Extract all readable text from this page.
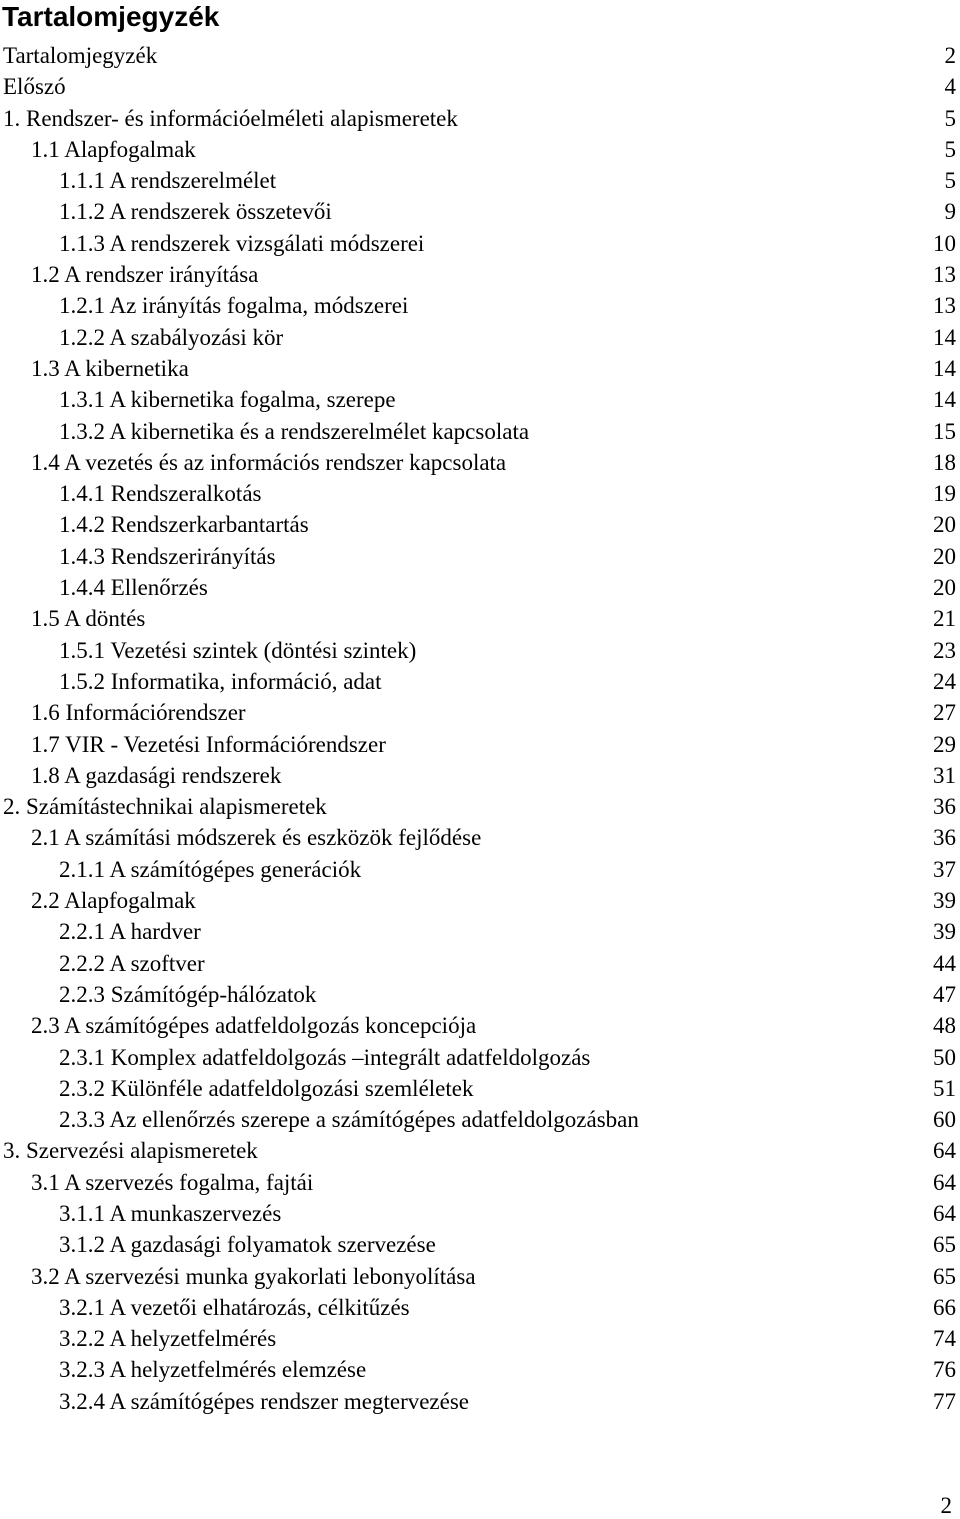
Tartalomjegyzék
Tartalomjegyzék . . .	2
Előszó . . .	4
1. Rendszer- és információelméleti alapismeretek . . .	5
1.1 Alapfogalmak . . .	5
1.1.1 A rendszerelmélet . . .	5
1.1.2 A rendszerek összetevői . . .	9
1.1.3 A rendszerek vizsgálati módszerei . . .	10
1.2 A rendszer irányítása . . .	13
1.2.1 Az irányítás fogalma, módszerei . . .	13
1.2.2 A szabályozási kör . . .	14
1.3 A kibernetika . . .	14
1.3.1 A kibernetika fogalma, szerepe . . .	14
1.3.2 A kibernetika és a rendszerelmélet kapcsolata . . .	15
1.4 A vezetés és az információs rendszer kapcsolata . . .	18
1.4.1 Rendszeralkotás . . .	19
1.4.2 Rendszerkarbantartás . . .	20
1.4.3 Rendszerirányítás . . .	20
1.4.4 Ellenőrzés . . .	20
1.5 A döntés . . .	21
1.5.1 Vezetési szintek (döntési szintek) . . .	23
1.5.2 Informatika, információ, adat . . .	24
1.6 Információrendszer . . .	27
1.7 VIR - Vezetési Információrendszer . . .	29
1.8 A gazdasági rendszerek . . .	31
2. Számítástechnikai alapismeretek . . .	36
2.1 A számítási módszerek és eszközök fejlődése . . .	36
2.1.1 A számítógépes generációk . . .	37
2.2 Alapfogalmak . . .	39
2.2.1 A hardver . . .	39
2.2.2 A szoftver . . .	44
2.2.3 Számítógép-hálózatok . . .	47
2.3 A számítógépes adatfeldolgozás koncepciója . . .	48
2.3.1 Komplex adatfeldolgozás –integrált adatfeldolgozás . . .	50
2.3.2 Különféle adatfeldolgozási szemléletek . . .	51
2.3.3 Az ellenőrzés szerepe a számítógépes adatfeldolgozásban . . .	60
3. Szervezési alapismeretek . . .	64
3.1 A szervezés fogalma, fajtái . . .	64
3.1.1 A munkaszervezés . . .	64
3.1.2 A gazdasági folyamatok szervezése . . .	65
3.2 A szervezési munka gyakorlati lebonyolítása . . .	65
3.2.1 A vezetői elhatározás, célkitűzés . . .	66
3.2.2 A helyzetfelmérés . . .	74
3.2.3 A helyzetfelmérés elemzése . . .	76
3.2.4 A számítógépes rendszer megtervezése . . .	77
2
